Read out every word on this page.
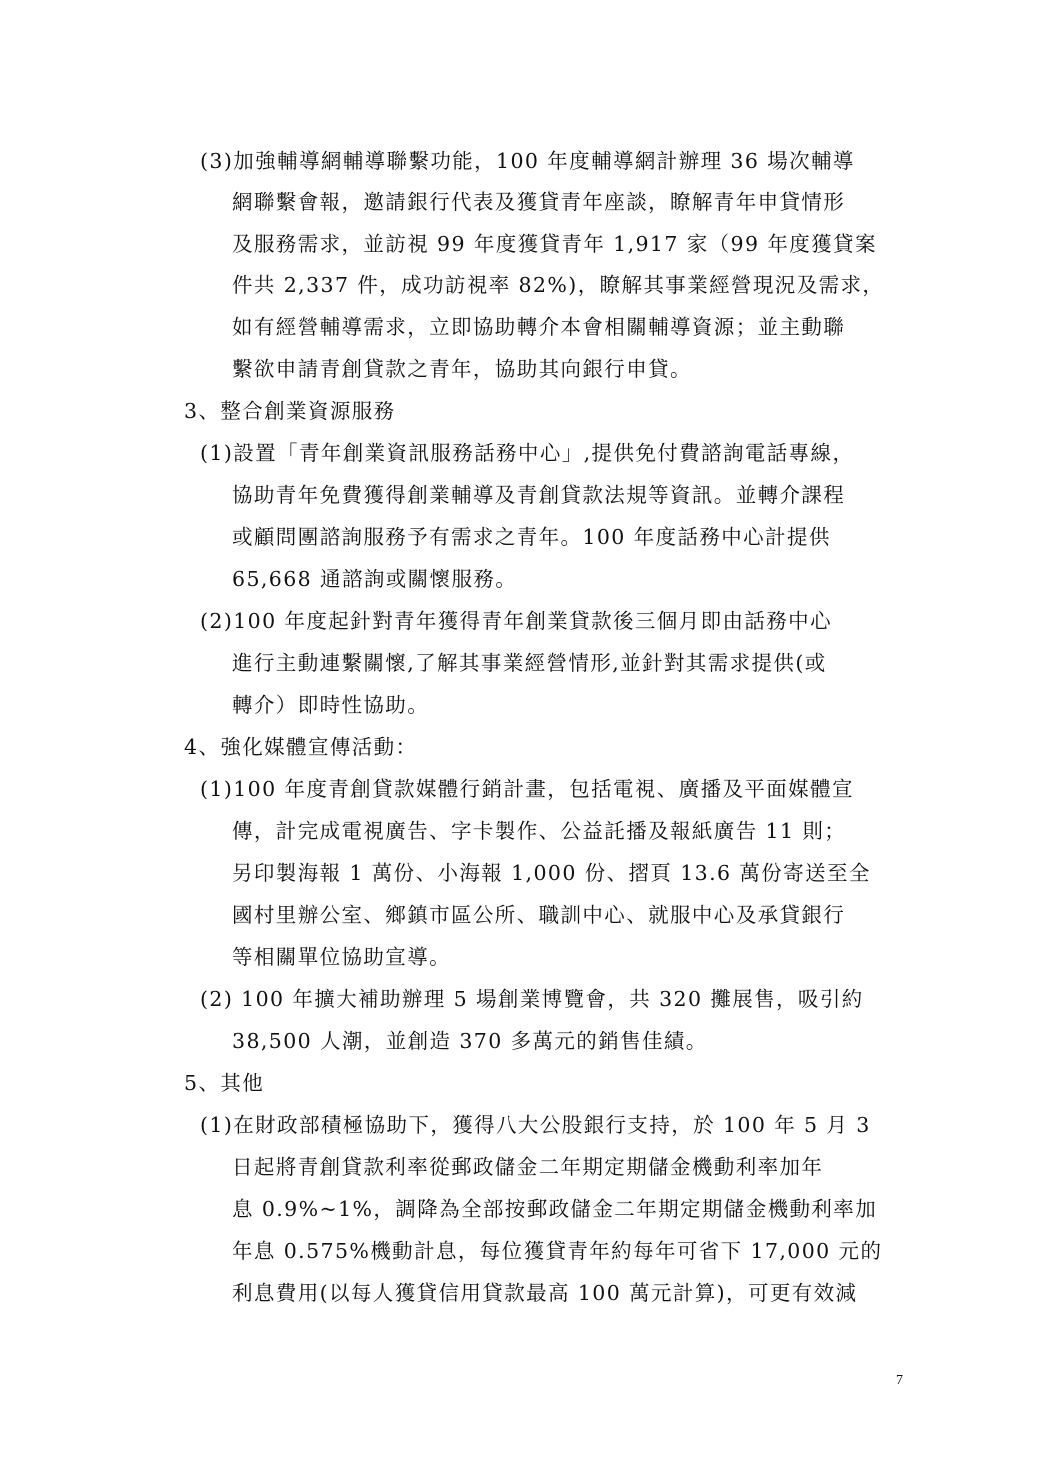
(3)加強輔導網輔導聯繫功能，100 年度輔導網計辦理 36 場次輔導
網聯繫會報，邀請銀行代表及獲貸青年座談，瞭解青年申貸情形
及服務需求，並訪視 99 年度獲貸青年 1,917 家（99 年度獲貸案
件共 2,337 件，成功訪視率 82%)，瞭解其事業經營現況及需求，
如有經營輔導需求，立即協助轉介本會相關輔導資源；並主動聯
繫欲申請青創貸款之青年，協助其向銀行申貸。
3、整合創業資源服務
(1)設置「青年創業資訊服務話務中心」,提供免付費諮詢電話專線，
協助青年免費獲得創業輔導及青創貸款法規等資訊。並轉介課程
或顧問團諮詢服務予有需求之青年。100 年度話務中心計提供
65,668 通諮詢或關懷服務。
(2)100 年度起針對青年獲得青年創業貸款後三個月即由話務中心
進行主動連繫關懷,了解其事業經營情形,並針對其需求提供(或
轉介）即時性協助。
4、強化媒體宣傳活動：
(1)100 年度青創貸款媒體行銷計畫，包括電視、廣播及平面媒體宣
傳，計完成電視廣告、字卡製作、公益託播及報紙廣告 11 則；
另印製海報 1 萬份、小海報 1,000 份、摺頁 13.6 萬份寄送至全
國村里辦公室、鄉鎮市區公所、職訓中心、就服中心及承貸銀行
等相關單位協助宣導。
(2) 100 年擴大補助辦理 5 場創業博覽會，共 320 攤展售，吸引約
38,500 人潮，並創造 370 多萬元的銷售佳績。
5、其他
(1)在財政部積極協助下，獲得八大公股銀行支持，於 100 年 5 月 3
日起將青創貸款利率從郵政儲金二年期定期儲金機動利率加年
息 0.9%~1%，調降為全部按郵政儲金二年期定期儲金機動利率加
年息 0.575%機動計息，每位獲貸青年約每年可省下 17,000 元的
利息費用(以每人獲貸信用貸款最高 100 萬元計算)，可更有效減
7
